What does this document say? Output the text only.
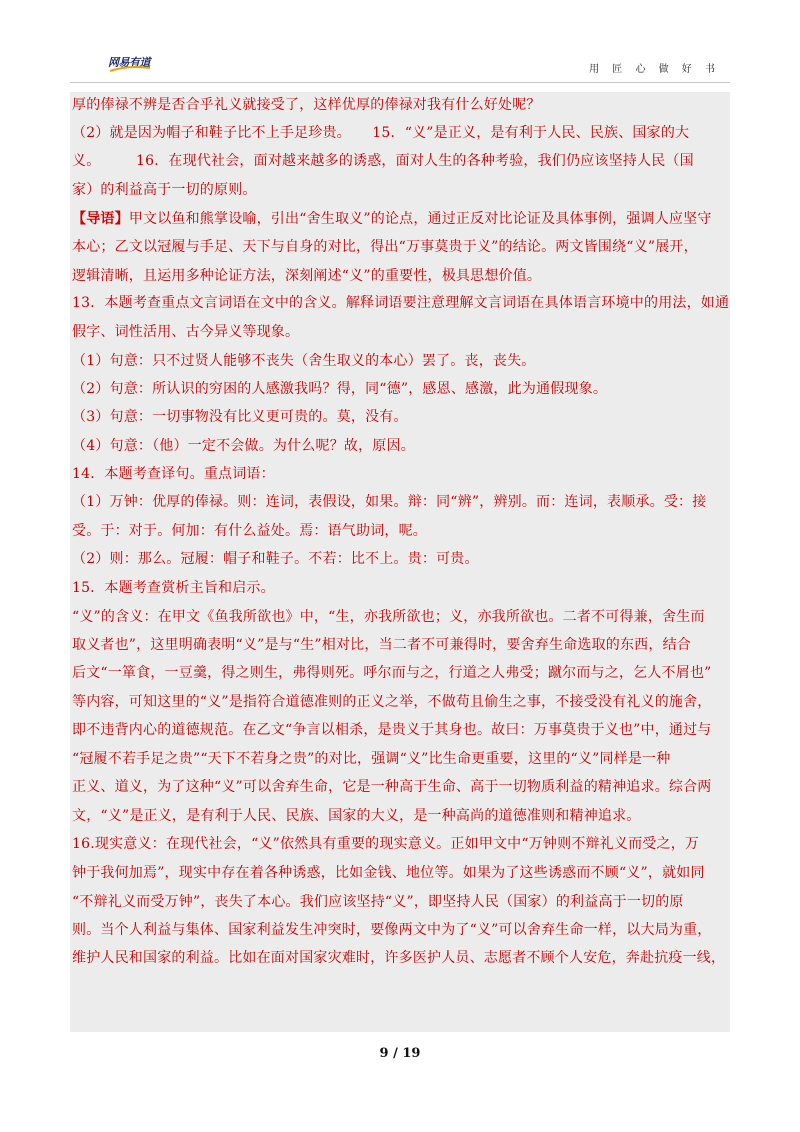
网易有道
用 匠 心 做 好 书
厚的俸禄不辨是否合乎礼义就接受了，这样优厚的俸禄对我有什么好处呢？
（2）就是因为帽子和鞋子比不上手足珍贵。　　15．“义”是正义，是有利于人民、民族、国家的大
义。　　　16．在现代社会，面对越来越多的诱惑，面对人生的各种考验，我们仍应该坚持人民（国
家）的利益高于一切的原则。
【导语】甲文以鱼和熊掌设喻，引出“舍生取义”的论点，通过正反对比论证及具体事例，强调人应坚守
本心；乙文以冠履与手足、天下与自身的对比，得出“万事莫贵于义”的结论。两文皆围绕“义”展开，
逻辑清晰，且运用多种论证方法，深刻阐述“义”的重要性，极具思想价值。
13．本题考查重点文言词语在文中的含义。解释词语要注意理解文言词语在具体语言环境中的用法，如通
假字、词性活用、古今异义等现象。
（1）句意：只不过贤人能够不丧失（舍生取义的本心）罢了。丧，丧失。
（2）句意：所认识的穷困的人感激我吗？得，同“德”，感恩、感激，此为通假现象。
（3）句意：一切事物没有比义更可贵的。莫，没有。
（4）句意：（他）一定不会做。为什么呢？故，原因。
14．本题考查译句。重点词语：
（1）万钟：优厚的俸禄。则：连词，表假设，如果。辩：同“辨”，辨别。而：连词，表顺承。受：接
受。于：对于。何加：有什么益处。焉：语气助词，呢。
（2）则：那么。冠履：帽子和鞋子。不若：比不上。贵：可贵。
15．本题考查赏析主旨和启示。
“义”的含义：在甲文《鱼我所欲也》中，“生，亦我所欲也；义，亦我所欲也。二者不可得兼，舍生而
取义者也”，这里明确表明“义”是与“生”相对比，当二者不可兼得时，要舍弃生命选取的东西，结合
后文“一箪食，一豆羹，得之则生，弗得则死。呼尔而与之，行道之人弗受；蹴尔而与之，乞人不屑也”
等内容，可知这里的“义”是指符合道德准则的正义之举，不做苟且偷生之事，不接受没有礼义的施舍，
即不违背内心的道德规范。在乙文“争言以相杀，是贵义于其身也。故曰：万事莫贵于义也”中，通过与
“冠履不若手足之贵”“天下不若身之贵”的对比，强调“义”比生命更重要，这里的“义”同样是一种
正义、道义，为了这种“义”可以舍弃生命，它是一种高于生命、高于一切物质利益的精神追求。综合两
文，“义”是正义，是有利于人民、民族、国家的大义，是一种高尚的道德准则和精神追求。
16.现实意义：在现代社会，“义”依然具有重要的现实意义。正如甲文中“万钟则不辩礼义而受之，万
钟于我何加焉”，现实中存在着各种诱惑，比如金钱、地位等。如果为了这些诱惑而不顾“义”，就如同
“不辩礼义而受万钟”，丧失了本心。我们应该坚持“义”，即坚持人民（国家）的利益高于一切的原
则。当个人利益与集体、国家利益发生冲突时，要像两文中为了“义”可以舍弃生命一样，以大局为重，
维护人民和国家的利益。比如在面对国家灾难时，许多医护人员、志愿者不顾个人安危，奔赴抗疫一线，
9 / 19
